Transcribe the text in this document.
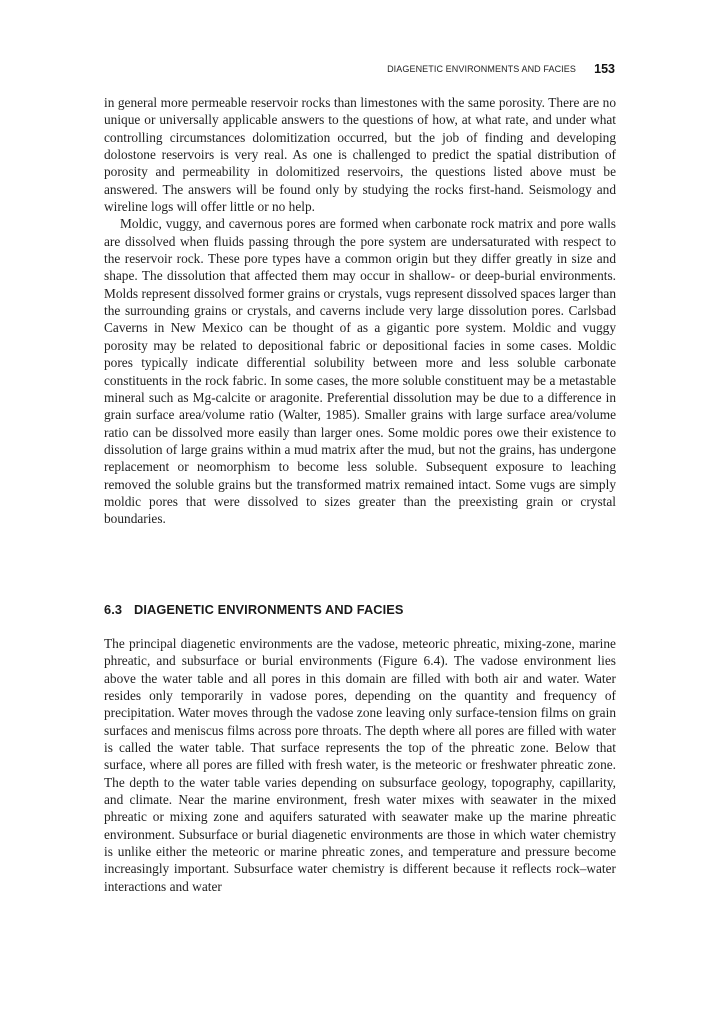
DIAGENETIC ENVIRONMENTS AND FACIES 153

in general more permeable reservoir rocks than limestones with the same porosity. There are no unique or universally applicable answers to the questions of how, at what rate, and under what controlling circumstances dolomitization occurred, but the job of finding and developing dolostone reservoirs is very real. As one is challenged to predict the spatial distribution of porosity and permeability in dolomitized reservoirs, the questions listed above must be answered. The answers will be found only by studying the rocks first-hand. Seismology and wireline logs will offer little or no help.

Moldic, vuggy, and cavernous pores are formed when carbonate rock matrix and pore walls are dissolved when fluids passing through the pore system are undersaturated with respect to the reservoir rock. These pore types have a common origin but they differ greatly in size and shape. The dissolution that affected them may occur in shallow- or deep-burial environments. Molds represent dissolved former grains or crystals, vugs represent dissolved spaces larger than the surrounding grains or crystals, and caverns include very large dissolution pores. Carlsbad Caverns in New Mexico can be thought of as a gigantic pore system. Moldic and vuggy porosity may be related to depositional fabric or depositional facies in some cases. Moldic pores typically indicate differential solubility between more and less soluble carbonate constituents in the rock fabric. In some cases, the more soluble constituent may be a metastable mineral such as Mg-calcite or aragonite. Preferential dissolution may be due to a difference in grain surface area/volume ratio (Walter, 1985). Smaller grains with large surface area/volume ratio can be dissolved more easily than larger ones. Some moldic pores owe their existence to dissolution of large grains within a mud matrix after the mud, but not the grains, has undergone replacement or neomorphism to become less soluble. Subsequent exposure to leaching removed the soluble grains but the transformed matrix remained intact. Some vugs are simply moldic pores that were dissolved to sizes greater than the preexisting grain or crystal boundaries.

6.3 DIAGENETIC ENVIRONMENTS AND FACIES

The principal diagenetic environments are the vadose, meteoric phreatic, mixing-zone, marine phreatic, and subsurface or burial environments (Figure 6.4). The vadose environment lies above the water table and all pores in this domain are filled with both air and water. Water resides only temporarily in vadose pores, depending on the quantity and frequency of precipitation. Water moves through the vadose zone leaving only surface-tension films on grain surfaces and meniscus films across pore throats. The depth where all pores are filled with water is called the water table. That surface represents the top of the phreatic zone. Below that surface, where all pores are filled with fresh water, is the meteoric or freshwater phreatic zone. The depth to the water table varies depending on subsurface geology, topography, capillarity, and climate. Near the marine environment, fresh water mixes with seawater in the mixed phreatic or mixing zone and aquifers saturated with seawater make up the marine phreatic environment. Subsurface or burial diagenetic environments are those in which water chemistry is unlike either the meteoric or marine phreatic zones, and temperature and pressure become increasingly important. Subsurface water chemistry is different because it reflects rock–water interactions and water
